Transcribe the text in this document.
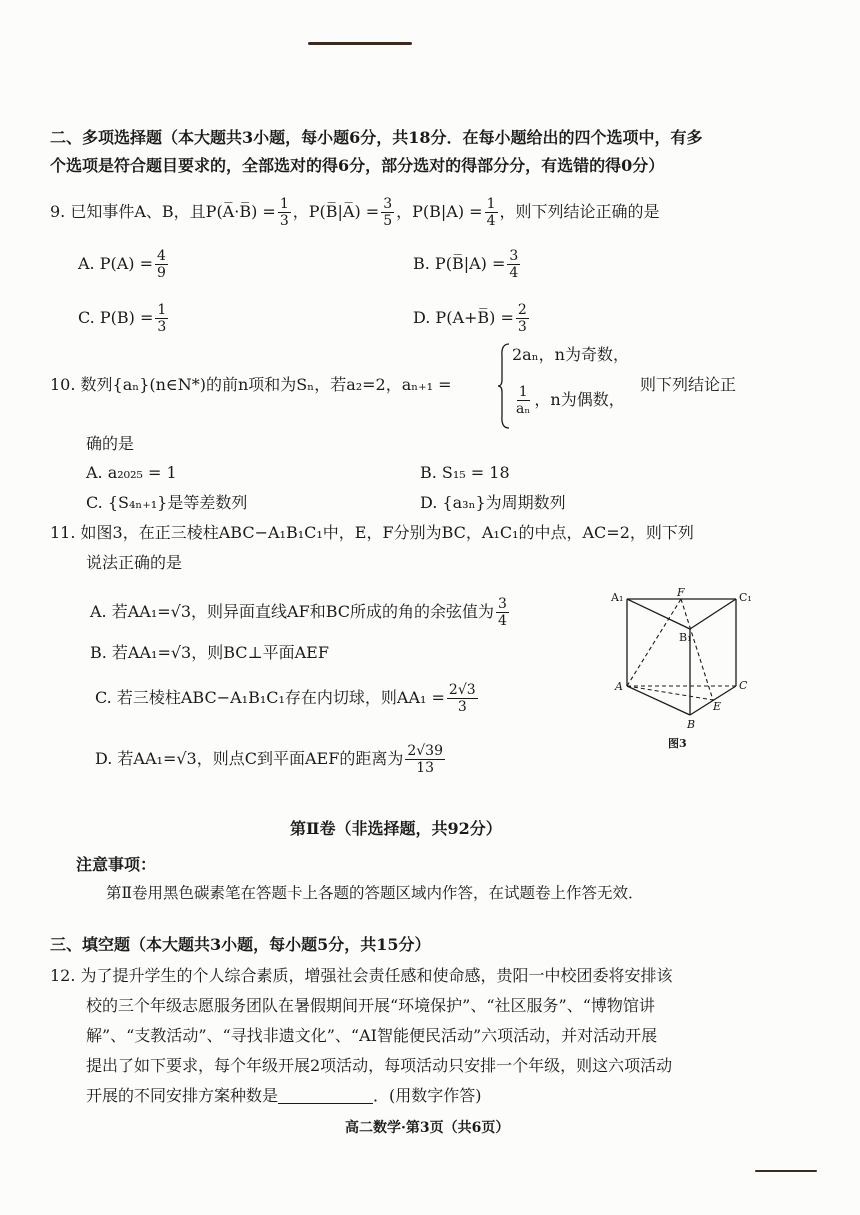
二、多项选择题（本大题共3小题，每小题6分，共18分．在每小题给出的四个选项中，有多
个选项是符合题目要求的，全部选对的得6分，部分选对的得部分分，有选错的得0分）
9. 已知事件A、B，且P(A̅·B̅) = $\frac{1}{3}$ ，P(B̅|A̅) = $\frac{3}{5}$ ，$P(B|A) = \frac{1}{4}$ ，则下列结论正确的是
A. $P(A) = \frac{4}{9}$	B. P(B̅|A) = $\frac{3}{4}$
C. $P(B) = \frac{1}{3}$	D. P(A+B̅) = $\frac{2}{3}$
10. 数列{aₙ}(n∈N*)的前n项和为Sₙ，若a₂=2，aₙ₊₁ =
2aₙ，n为奇数，
$\frac{1}{\text{aₙ}}$ ，n为偶数，
则下列结论正
确的是
A. a₂₀₂₅ = 1	B. S₁₅ = 18
C. {S₄ₙ₊₁}是等差数列	D. {a₃ₙ}为周期数列
11. 如图3，在正三棱柱ABC−A₁B₁C₁中，E，F分别为BC，A₁C₁的中点，AC=2，则下列
说法正确的是
A. 若AA₁=√3，则异面直线AF和BC所成的角的余弦值为 $\frac{3}{4}$
B. 若AA₁=√3，则BC⊥平面AEF
C. 若三棱柱ABC−A₁B₁C₁存在内切球，则$AA_1 = \frac{2√3}{3}$
D. 若AA₁=√3，则点C到平面AEF的距离为 $\frac{2√39}{13}$
A₁	F	C₁
B₁
A	C
E
B
图3
第Ⅱ卷（非选择题，共92分）
注意事项：
第Ⅱ卷用黑色碳素笔在答题卡上各题的答题区域内作答，在试题卷上作答无效．
三、填空题（本大题共3小题，每小题5分，共15分）
12. 为了提升学生的个人综合素质，增强社会责任感和使命感，贵阳一中校团委将安排该
校的三个年级志愿服务团队在暑假期间开展“环境保护”、“社区服务”、“博物馆讲
解”、“支教活动”、“寻找非遗文化”、“AI智能便民活动”六项活动，并对活动开展
提出了如下要求，每个年级开展2项活动，每项活动只安排一个年级，则这六项活动
开展的不同安排方案种数是	．(用数字作答)
高二数学·第3页（共6页）
